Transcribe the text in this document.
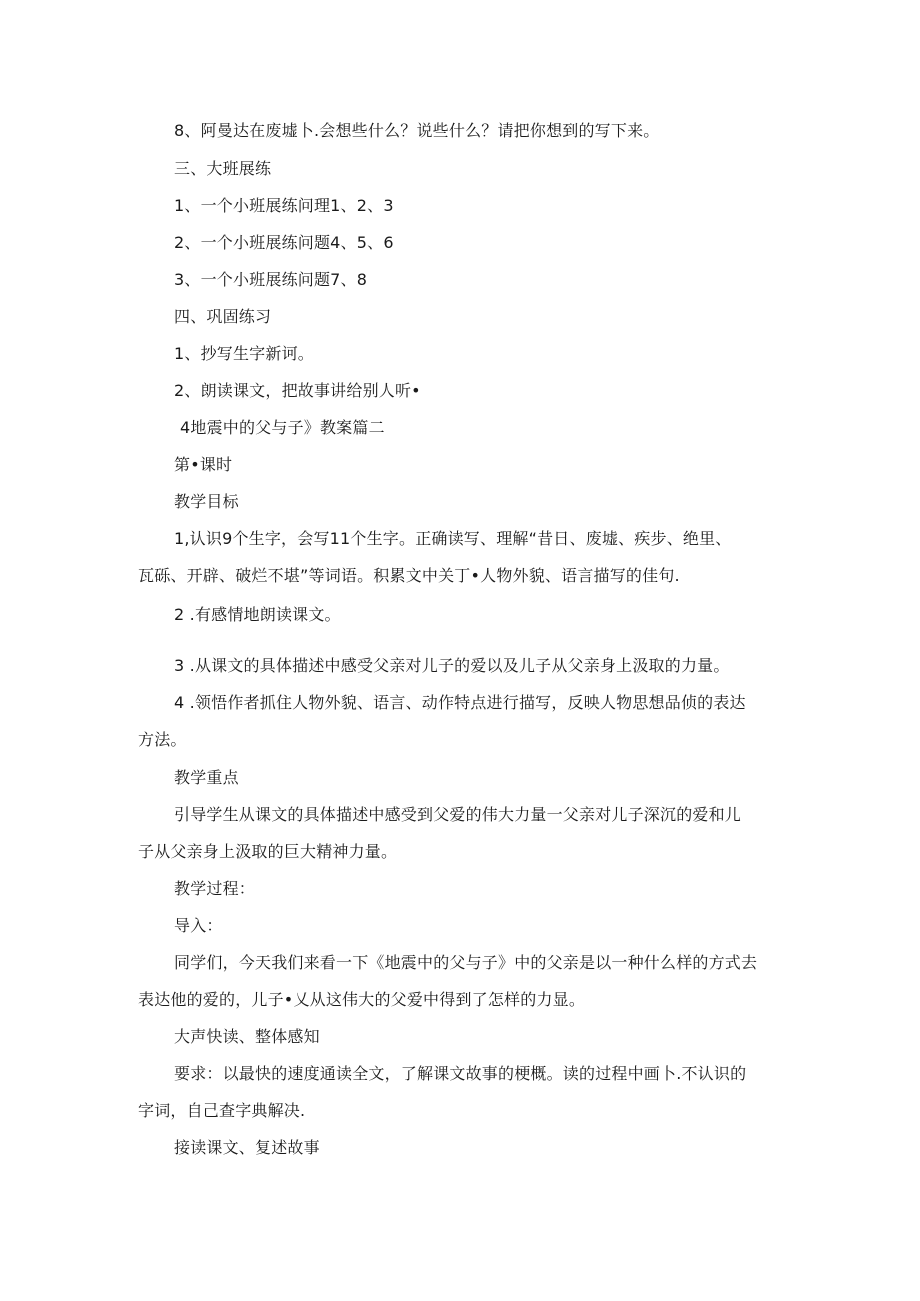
8、阿曼达在废墟卜.会想些什么？说些什么？请把你想到的写下来。
三、大班展练
1、一个小班展练问理1、2、3
2、一个小班展练问题4、5、6
3、一个小班展练问题7、8
四、巩固练习
1、抄写生字新诃。
2、朗读课文，把故事讲给别人听•
4地震中的父与子》教案篇二
第•课时
教学目标
1,认识9个生字，会写11个生字。正确读写、理解“昔日、废墟、疾步、绝里、
瓦砾、开辟、破烂不堪”等词语。积累文中关丁•人物外貌、语言描写的佳句.
2 .有感情地朗读课文。
3 .从课文的具体描述中感受父亲对儿子的爱以及儿子从父亲身上汲取的力量。
4 .领悟作者抓住人物外貌、语言、动作特点进行描写，反映人物思想品侦的表达
方法。
教学重点
引导学生从课文的具体描述中感受到父爱的伟大力量一父亲对儿子深沉的爱和儿
子从父亲身上汲取的巨大精神力量。
教学过程：
导入：
同学们，今天我们来看一下《地震中的父与子》中的父亲是以一种什么样的方式去
表达他的爱的，儿子•乂从这伟大的父爱中得到了怎样的力显。
大声快读、整体感知
要求：以最快的速度通读全文，了解课文故事的梗概。读的过程中画卜.不认识的
字词，自己查字典解决.
接读课文、复述故事
